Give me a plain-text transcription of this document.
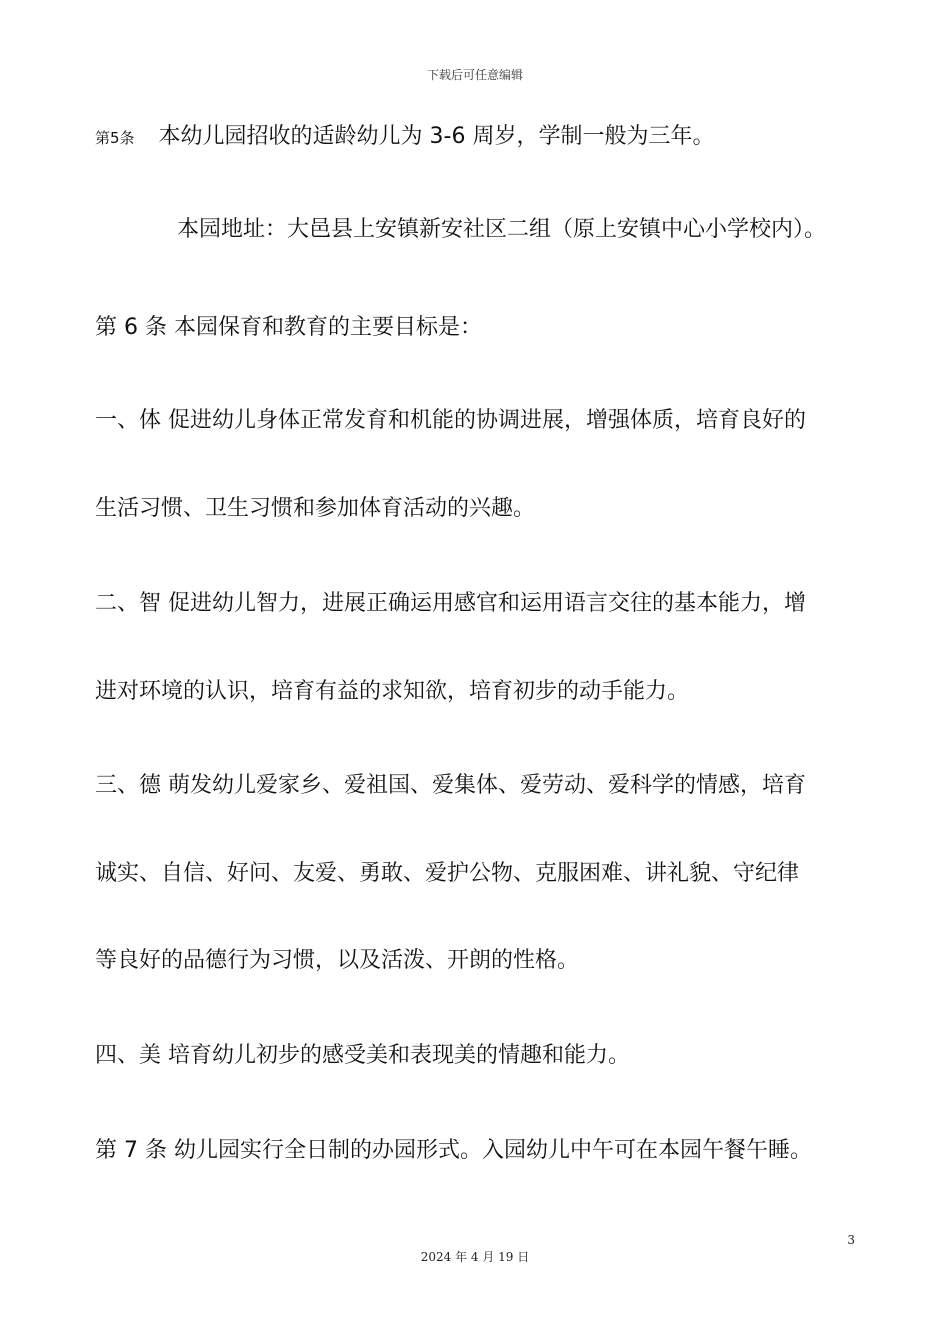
下载后可任意编辑
第5条 本幼儿园招收的适龄幼儿为 3-6 周岁，学制一般为三年。
本园地址：大邑县上安镇新安社区二组（原上安镇中心小学校内）。
第 6 条 本园保育和教育的主要目标是：
一、体 促进幼儿身体正常发育和机能的协调进展，增强体质，培育良好的
生活习惯、卫生习惯和参加体育活动的兴趣。
二、智 促进幼儿智力，进展正确运用感官和运用语言交往的基本能力，增
进对环境的认识，培育有益的求知欲，培育初步的动手能力。
三、德 萌发幼儿爱家乡、爱祖国、爱集体、爱劳动、爱科学的情感，培育
诚实、自信、好问、友爱、勇敢、爱护公物、克服困难、讲礼貌、守纪律
等良好的品德行为习惯，以及活泼、开朗的性格。
四、美 培育幼儿初步的感受美和表现美的情趣和能力。
第 7 条 幼儿园实行全日制的办园形式。入园幼儿中午可在本园午餐午睡。
3
2024 年 4 月 19 日
